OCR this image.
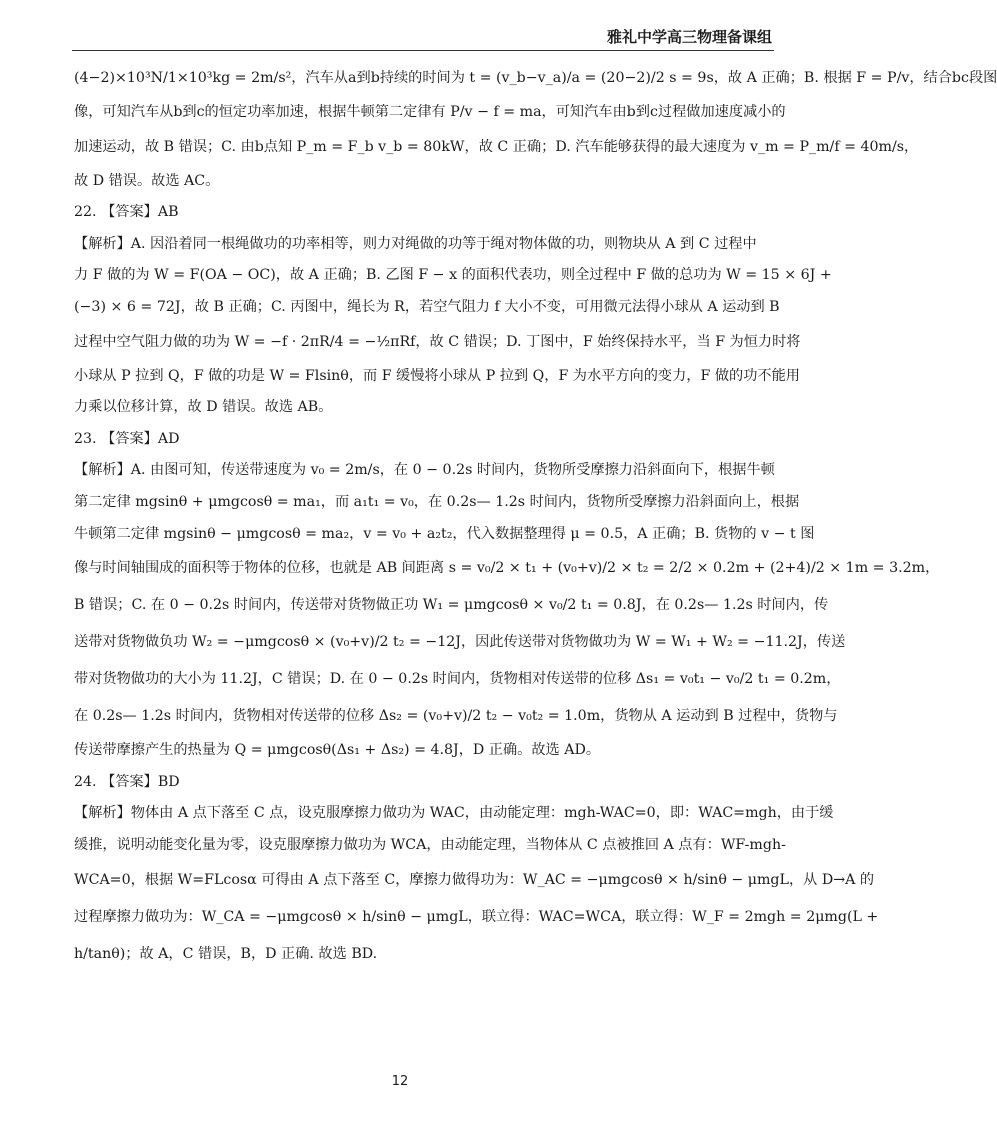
雅礼中学高三物理备课组
(4−2)×10³N/1×10³kg = 2m/s²，汽车从a到b持续的时间为 t = (v_b−v_a)/a = (20−2)/2 s = 9s，故 A 正确；B. 根据 F = P/v，结合bc段图
像，可知汽车从b到c的恒定功率加速，根据牛顿第二定律有 P/v − f = ma，可知汽车由b到c过程做加速度减小的
加速运动，故 B 错误；C. 由b点知 P_m = F_b v_b = 80kW，故 C 正确；D. 汽车能够获得的最大速度为 v_m = P_m/f = 40m/s，
故 D 错误。故选 AC。
22. 【答案】AB
【解析】A. 因沿着同一根绳做功的功率相等，则力对绳做的功等于绳对物体做的功，则物块从 A 到 C 过程中
力 F 做的为 W = F(OA − OC)，故 A 正确；B. 乙图 F − x 的面积代表功，则全过程中 F 做的总功为 W = 15 × 6J +
(−3) × 6 = 72J，故 B 正确；C. 丙图中，绳长为 R，若空气阻力 f 大小不变，可用微元法得小球从 A 运动到 B
过程中空气阻力做的功为 W = −f · 2πR/4 = −½πRf，故 C 错误；D. 丁图中，F 始终保持水平，当 F 为恒力时将
小球从 P 拉到 Q，F 做的功是 W = Flsinθ，而 F 缓慢将小球从 P 拉到 Q，F 为水平方向的变力，F 做的功不能用
力乘以位移计算，故 D 错误。故选 AB。
23. 【答案】AD
【解析】A. 由图可知，传送带速度为 v₀ = 2m/s，在 0 − 0.2s 时间内，货物所受摩擦力沿斜面向下，根据牛顿
第二定律 mgsinθ + μmgcosθ = ma₁，而 a₁t₁ = v₀，在 0.2s— 1.2s 时间内，货物所受摩擦力沿斜面向上，根据
牛顿第二定律 mgsinθ − μmgcosθ = ma₂，v = v₀ + a₂t₂，代入数据整理得 μ = 0.5，A 正确；B. 货物的 v − t 图
像与时间轴围成的面积等于物体的位移，也就是 AB 间距离 s = v₀/2 × t₁ + (v₀+v)/2 × t₂ = 2/2 × 0.2m + (2+4)/2 × 1m = 3.2m，
B 错误；C. 在 0 − 0.2s 时间内，传送带对货物做正功 W₁ = μmgcosθ × v₀/2 t₁ = 0.8J，在 0.2s— 1.2s 时间内，传
送带对货物做负功 W₂ = −μmgcosθ × (v₀+v)/2 t₂ = −12J，因此传送带对货物做功为 W = W₁ + W₂ = −11.2J，传送
带对货物做功的大小为 11.2J，C 错误；D. 在 0 − 0.2s 时间内，货物相对传送带的位移 Δs₁ = v₀t₁ − v₀/2 t₁ = 0.2m，
在 0.2s— 1.2s 时间内，货物相对传送带的位移 Δs₂ = (v₀+v)/2 t₂ − v₀t₂ = 1.0m，货物从 A 运动到 B 过程中，货物与
传送带摩擦产生的热量为 Q = μmgcosθ(Δs₁ + Δs₂) = 4.8J，D 正确。故选 AD。
24. 【答案】BD
【解析】物体由 A 点下落至 C 点，设克服摩擦力做功为 WAC，由动能定理：mgh-WAC=0，即：WAC=mgh，由于缓
缓推，说明动能变化量为零，设克服摩擦力做功为 WCA，由动能定理，当物体从 C 点被推回 A 点有：WF-mgh-
WCA=0，根据 W=FLcosα 可得由 A 点下落至 C，摩擦力做得功为：W_AC = −μmgcosθ × h/sinθ − μmgL，从 D→A 的
过程摩擦力做功为：W_CA = −μmgcosθ × h/sinθ − μmgL，联立得：WAC=WCA，联立得：W_F = 2mgh = 2μmg(L +
h/tanθ)；故 A，C 错误，B，D 正确. 故选 BD.
12
